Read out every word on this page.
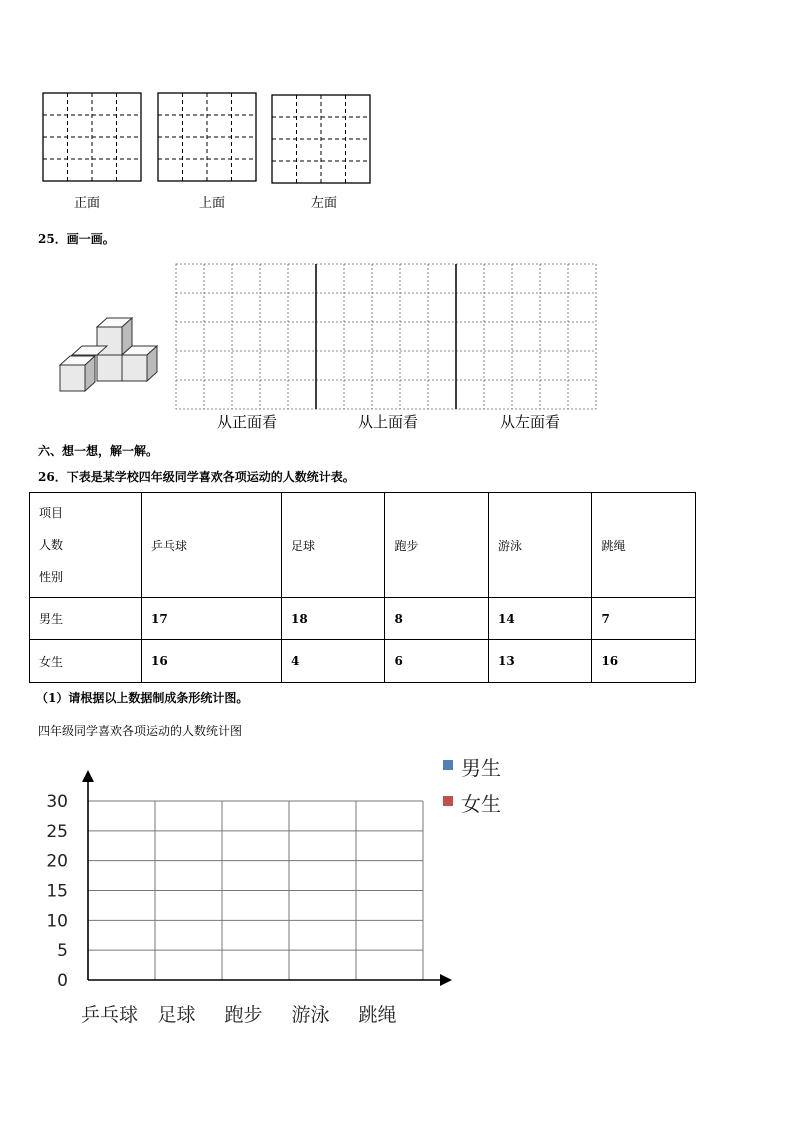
正面	上面	左面
25．画一画。
从正面看	从上面看	从左面看
六、想一想，解一解。
26．下表是某学校四年级同学喜欢各项运动的人数统计表。
项目
人数
性别	乒乓球	足球	跑步	游泳	跳绳
男生	17	18	8	14	7
女生	16	4	6	13	16
（1）请根据以上数据制成条形统计图。
四年级同学喜欢各项运动的人数统计图
0
5
10
15
20
25
30
乒乓球 足球 跑步 游泳 跳绳
男生
女生
